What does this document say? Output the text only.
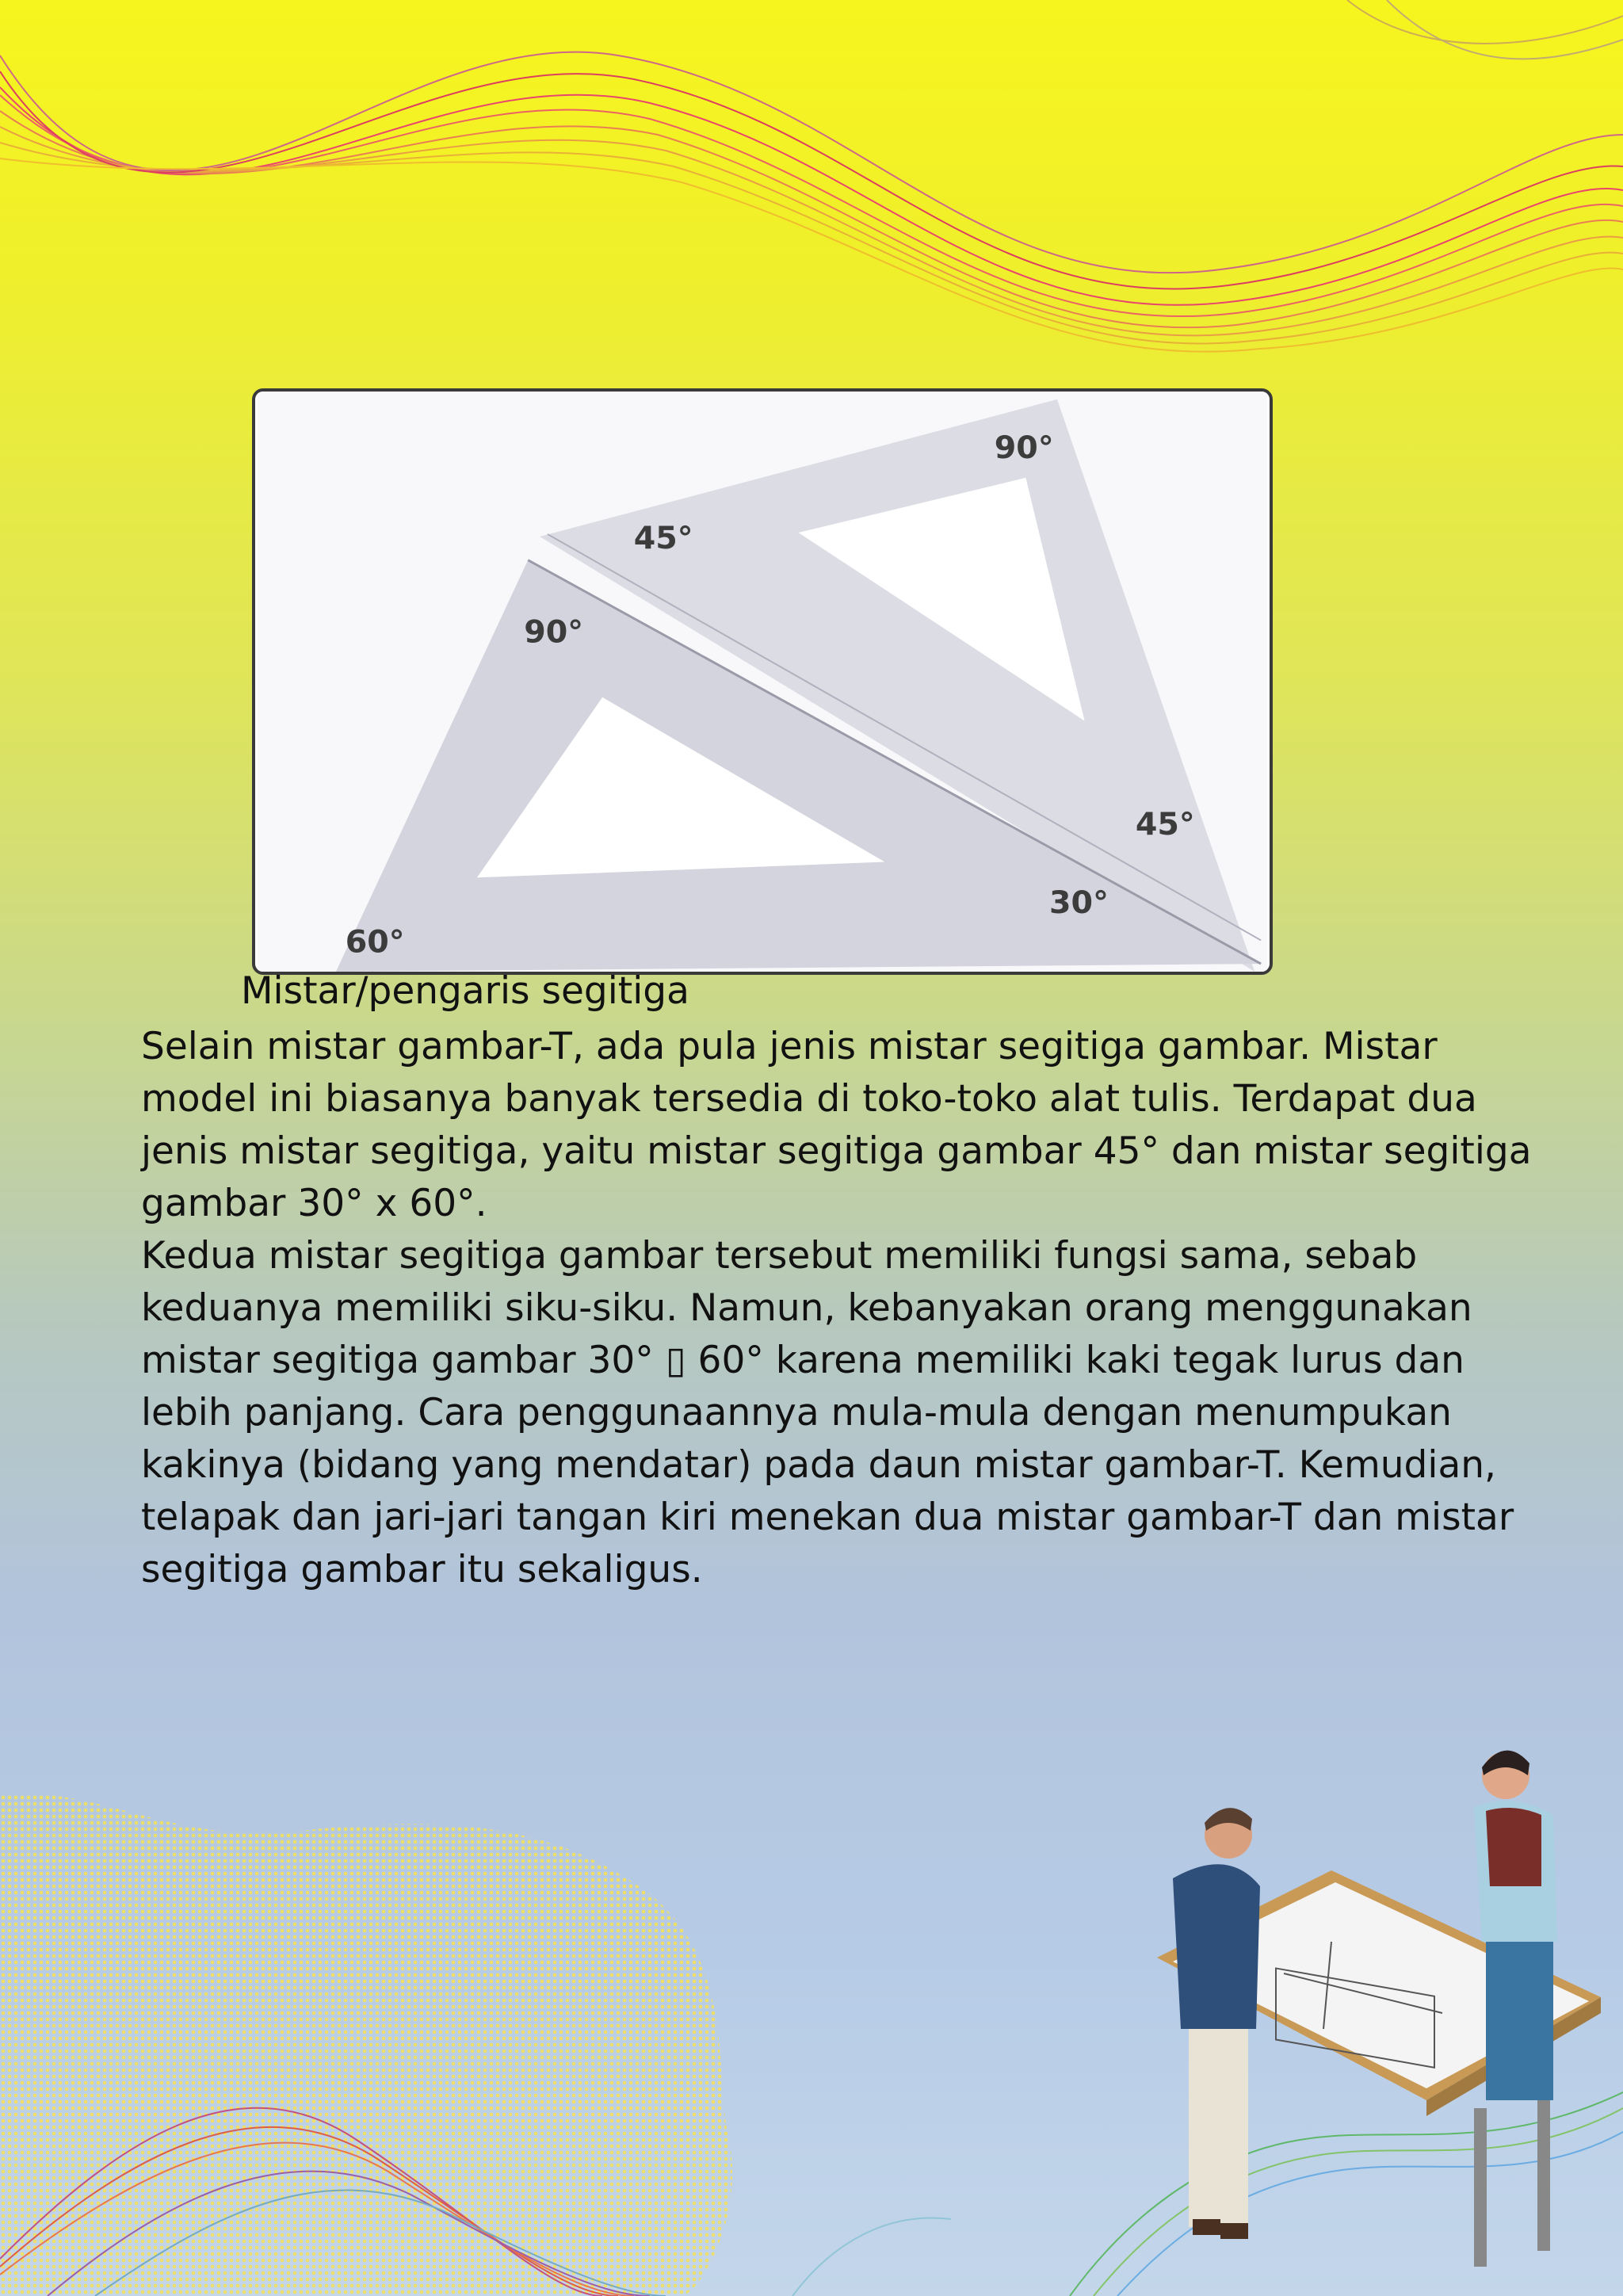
90°
45°
90°
45°
30°
60°

Mistar/pengaris segitiga

Selain mistar gambar-T, ada pula jenis mistar segitiga gambar. Mistar

model ini biasanya banyak tersedia di toko-toko alat tulis. Terdapat dua

jenis mistar segitiga, yaitu mistar segitiga gambar 45° dan mistar segitiga

gambar 30° x 60°.

Kedua mistar segitiga gambar tersebut memiliki fungsi sama, sebab

keduanya memiliki siku-siku. Namun, kebanyakan orang menggunakan

mistar segitiga gambar 30° ▯ 60° karena memiliki kaki tegak lurus dan

lebih panjang. Cara penggunaannya mula-mula dengan menumpukan

kakinya (bidang yang mendatar) pada daun mistar gambar-T. Kemudian,

telapak dan jari-jari tangan kiri menekan dua mistar gambar-T dan mistar

segitiga gambar itu sekaligus.
